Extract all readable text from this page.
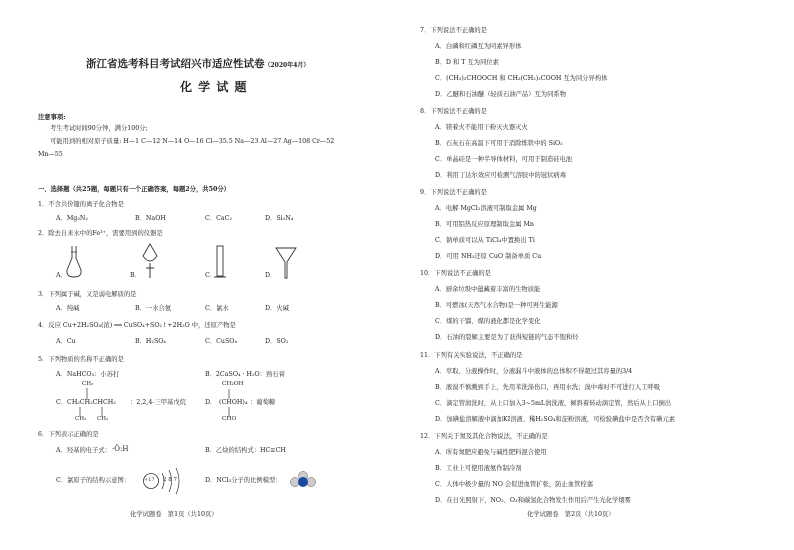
浙江省选考科目考试绍兴市适应性试卷（2020年4月）
化 学 试 题
注意事项:
考生考试时间90分钟，满分100分;
可能用到的相对原子质量: H—1 C—12 N—14 O—16 Cl—35.5 Na—23 Al—27 Ag—108 Cr—52
Mn—55
一、选择题（共25题，每题只有一个正确答案，每题2分，共50分）
1．不含共价键的离子化合物是
A．Mg₃N₂	B．NaOH	C．CaC₂	D．Si₃N₄
2．除去自来水中的Fe³⁺，需要用到的仪器是
A．	B．	C．	D．
3．下列属于碱，又是弱电解质的是
A．纯碱	B．一水合氨	C．氯水	D．火碱
4．反应 Cu+2H₂SO₄(浓) ══ CuSO₄+SO₂↑+2H₂O 中，还原产物是
A．Cu	B．H₂SO₄	C．CuSO₄	D．SO₂
5．下列物质的名称不正确的是
A．NaHCO₃：小苏打	B．2CaSO₄ · H₂O：熟石膏
CH₃
C． CH₃CH₂CHCH₃ ：2,2,4-三甲基戊烷
CH₃ CH₃
CH₂OH
D． (CHOH)₄ ：葡萄糖
CHO
6．下列表示正确的是
A．羟基的电子式： ·Ö:H	B．乙炔的结构式：HC≡CH
C．氯原子的结构示意图：	+17 2 8 7	D．NCl₃分子的比例模型：
化学试题卷　第1页（共10页）
7．下列说法不正确的是
A．白磷和红磷互为同素异形体
B．D 和 T 互为同位素
C．(CH₃)₂CHOOCH 和 CH₃(CH₂)₂COOH 互为同分异构体
D．乙醚和石油醚（轻质石油产品）互为同系物
8．下列说法不正确的是
A．镁着火不能用干粉灭火器灭火
B．石灰石在高温下可用于消除炼铁中的 SiO₂
C．单晶硅是一种半导体材料，可用于制造硅电池
D．利用丁达尔效应可检测气溶胶中的冠状病毒
9．下列说法不正确的是
A．电解 MgCl₂溶液可制取金属 Mg
B．可用铝热反应原理制取金属 Mn
C．钠单质可以从 TiCl₄中置换出 Ti
D．可用 NH₃还原 CuO 制备单质 Cu
10．下列说法不正确的是
A．厨余垃圾中蕴藏着丰富的生物质能
B．可燃冰(天然气水合物)是一种可再生能源
C．煤的干馏、煤的液化都是化学变化
D．石油的裂解主要是为了获得短链的气态不饱和烃
11．下列有关实验说法，不正确的是
A．萃取、分液操作时，分液漏斗中液体的总体积不得超过其容量的3/4
B．液溴不慎溅到手上，先用苯洗涤伤口，再用水洗；溴中毒时不可进行人工呼吸
C．滴定管润洗时，从上口加入3~5mL润洗液，倾斜着转动滴定管，然后从上口倒出
D．加碘盐溶解液中滴加KI溶液、稀H₂SO₄和淀粉溶液，可检验碘盐中是否含有碘元素
12．下列关于氮及其化合物说法，不正确的是
A．所有氮肥应避免与碱性肥料混合使用
B．工业上可使用液氨作制冷剂
C．人体中极少量的 NO 会促进血管扩张，防止血管栓塞
D．在日光照射下，NO₂、O₃和碳氢化合物发生作用后产生光化学烟雾
化学试题卷　第2页（共10页）
